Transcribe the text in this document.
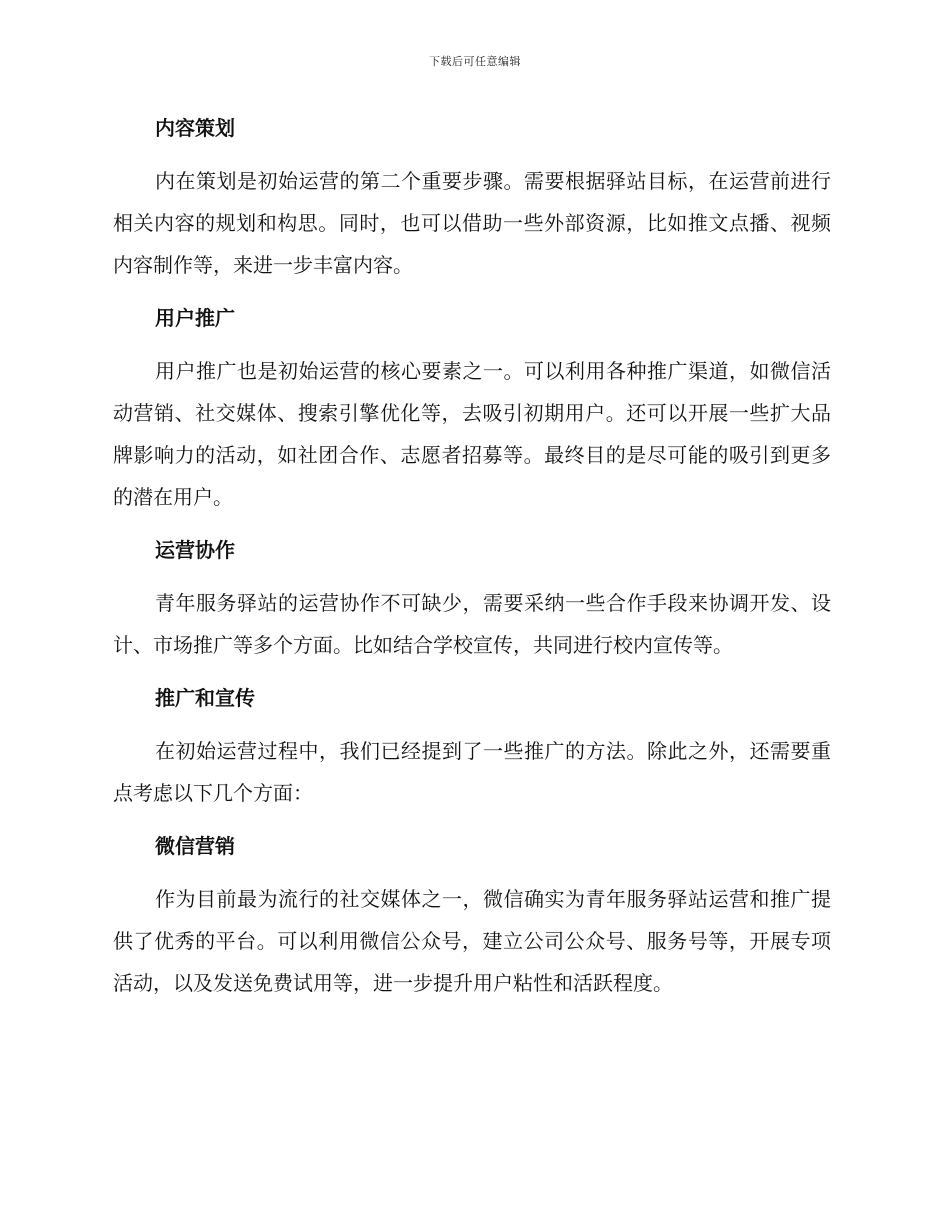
下载后可任意编辑
内容策划

内在策划是初始运营的第二个重要步骤。需要根据驿站目标，在运营前进行相关内容的规划和构思。同时，也可以借助一些外部资源，比如推文点播、视频内容制作等，来进一步丰富内容。

用户推广

用户推广也是初始运营的核心要素之一。可以利用各种推广渠道，如微信活动营销、社交媒体、搜索引擎优化等，去吸引初期用户。还可以开展一些扩大品牌影响力的活动，如社团合作、志愿者招募等。最终目的是尽可能的吸引到更多的潜在用户。

运营协作

青年服务驿站的运营协作不可缺少，需要采纳一些合作手段来协调开发、设计、市场推广等多个方面。比如结合学校宣传，共同进行校内宣传等。

推广和宣传

在初始运营过程中，我们已经提到了一些推广的方法。除此之外，还需要重点考虑以下几个方面：

微信营销

作为目前最为流行的社交媒体之一，微信确实为青年服务驿站运营和推广提供了优秀的平台。可以利用微信公众号，建立公司公众号、服务号等，开展专项活动，以及发送免费试用等，进一步提升用户粘性和活跃程度。
